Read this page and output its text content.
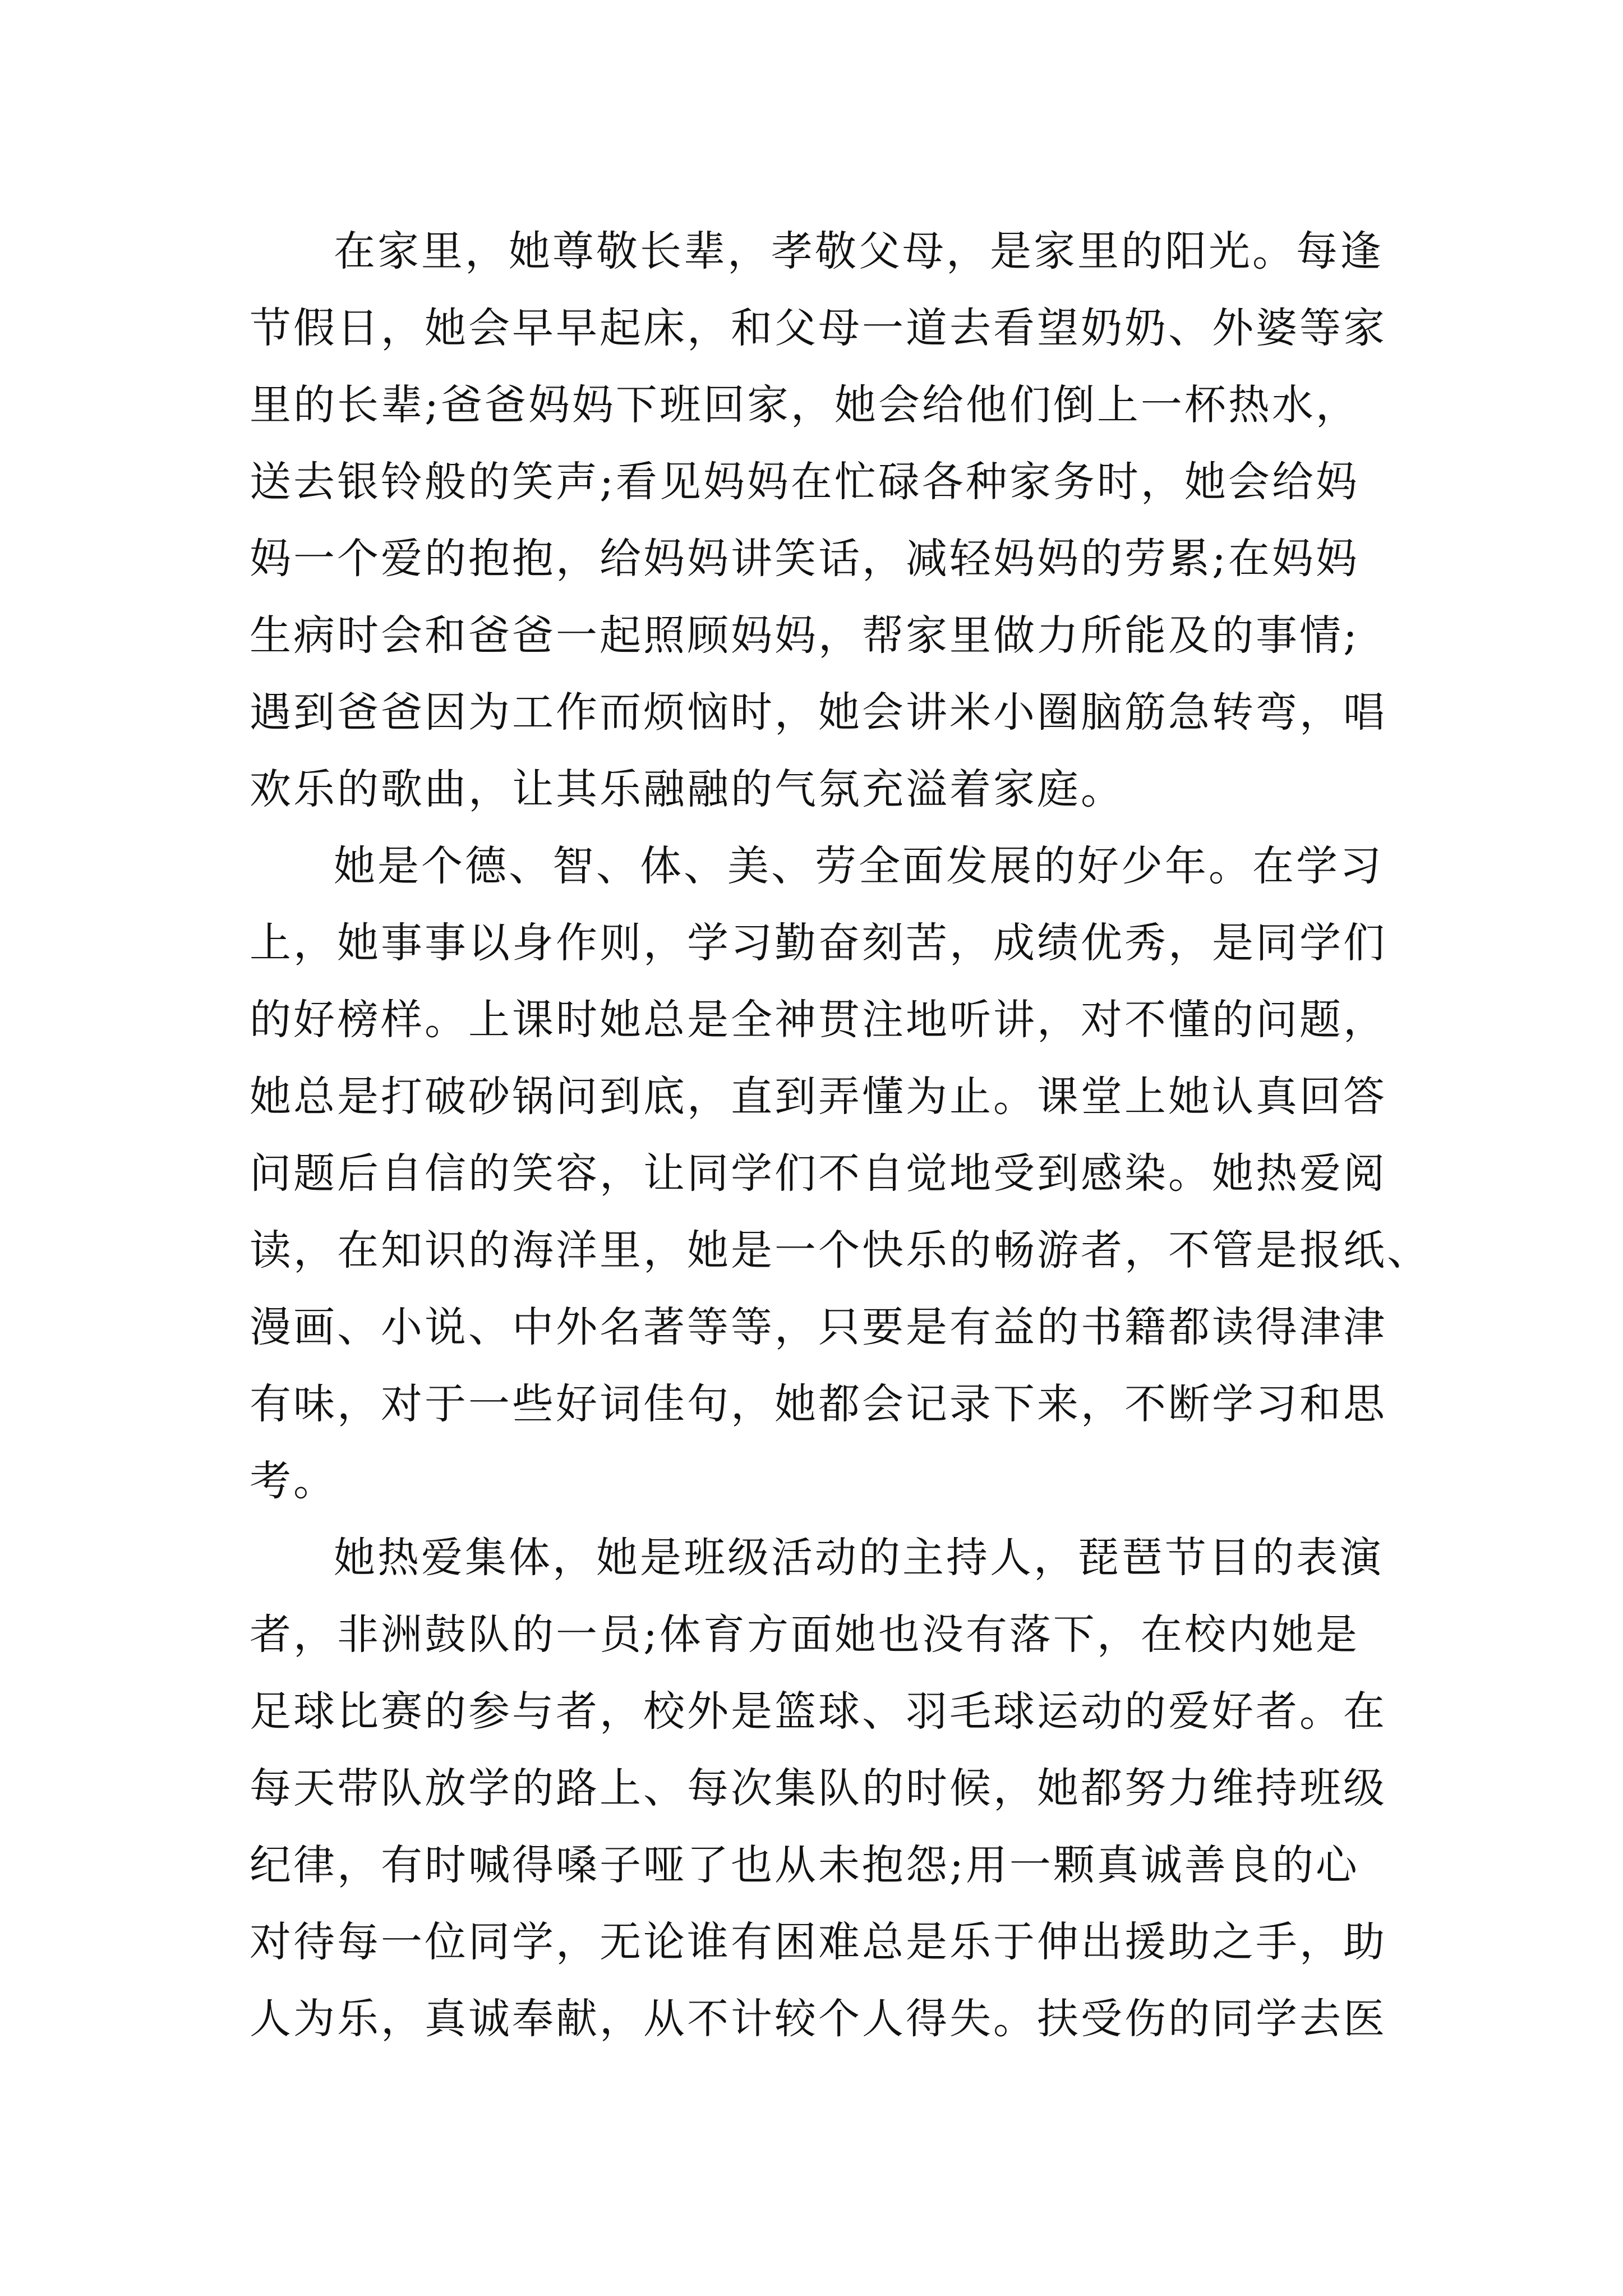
在家里，她尊敬长辈，孝敬父母，是家里的阳光。每逢
节假日，她会早早起床，和父母一道去看望奶奶、外婆等家
里的长辈;爸爸妈妈下班回家，她会给他们倒上一杯热水，
送去银铃般的笑声;看见妈妈在忙碌各种家务时，她会给妈
妈一个爱的抱抱，给妈妈讲笑话，减轻妈妈的劳累;在妈妈
生病时会和爸爸一起照顾妈妈，帮家里做力所能及的事情;
遇到爸爸因为工作而烦恼时，她会讲米小圈脑筋急转弯，唱
欢乐的歌曲，让其乐融融的气氛充溢着家庭。
她是个德、智、体、美、劳全面发展的好少年。在学习
上，她事事以身作则，学习勤奋刻苦，成绩优秀，是同学们
的好榜样。上课时她总是全神贯注地听讲，对不懂的问题，
她总是打破砂锅问到底，直到弄懂为止。课堂上她认真回答
问题后自信的笑容，让同学们不自觉地受到感染。她热爱阅
读，在知识的海洋里，她是一个快乐的畅游者，不管是报纸、
漫画、小说、中外名著等等，只要是有益的书籍都读得津津
有味，对于一些好词佳句，她都会记录下来，不断学习和思
考。
她热爱集体，她是班级活动的主持人，琵琶节目的表演
者，非洲鼓队的一员;体育方面她也没有落下，在校内她是
足球比赛的参与者，校外是篮球、羽毛球运动的爱好者。在
每天带队放学的路上、每次集队的时候，她都努力维持班级
纪律，有时喊得嗓子哑了也从未抱怨;用一颗真诚善良的心
对待每一位同学，无论谁有困难总是乐于伸出援助之手，助
人为乐，真诚奉献，从不计较个人得失。扶受伤的同学去医
